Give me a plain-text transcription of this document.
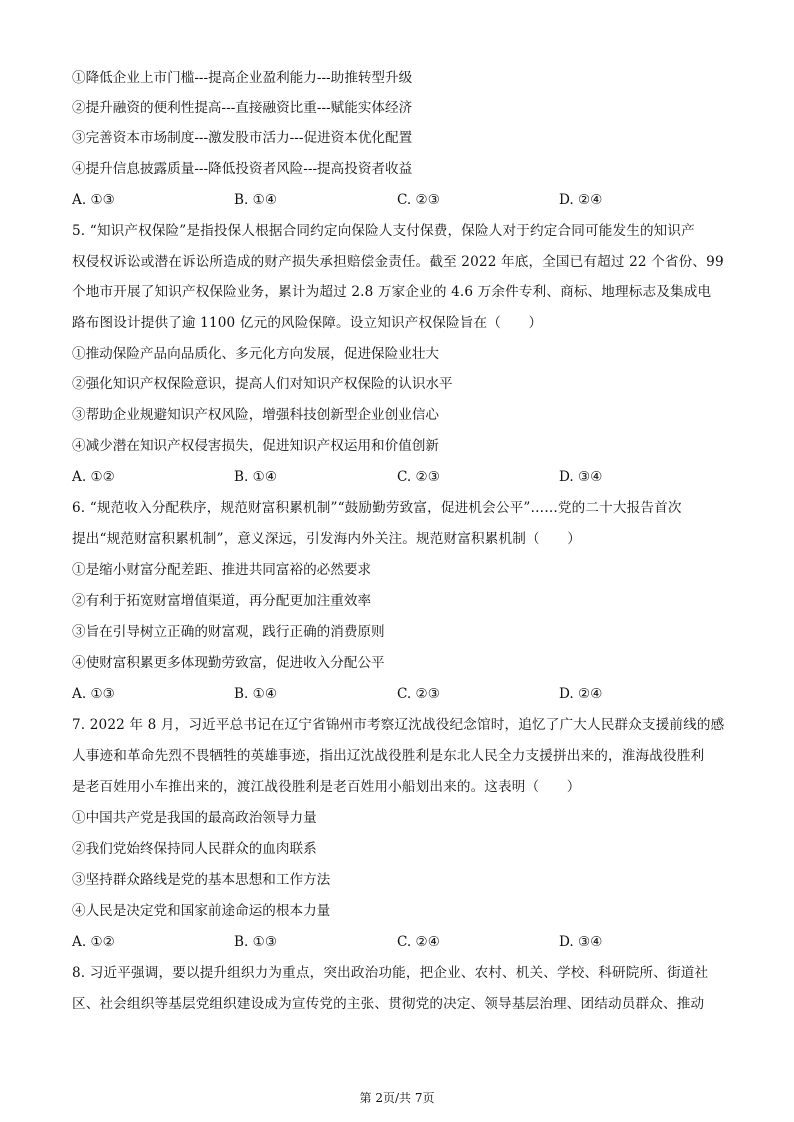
①降低企业上市门槛---提高企业盈利能力---助推转型升级
②提升融资的便利性提高---直接融资比重---赋能实体经济
③完善资本市场制度---激发股市活力---促进资本优化配置
④提升信息披露质量---降低投资者风险---提高投资者收益
A. ①③	B. ①④	C. ②③	D. ②④
5. “知识产权保险”是指投保人根据合同约定向保险人支付保费，保险人对于约定合同可能发生的知识产
权侵权诉讼或潜在诉讼所造成的财产损失承担赔偿金责任。截至 2022 年底，全国已有超过 22 个省份、99
个地市开展了知识产权保险业务，累计为超过 2.8 万家企业的 4.6 万余件专利、商标、地理标志及集成电
路布图设计提供了逾 1100 亿元的风险保障。设立知识产权保险旨在（　　）
①推动保险产品向品质化、多元化方向发展，促进保险业壮大
②强化知识产权保险意识，提高人们对知识产权保险的认识水平
③帮助企业规避知识产权风险，增强科技创新型企业创业信心
④减少潜在知识产权侵害损失，促进知识产权运用和价值创新
A. ①②	B. ①④	C. ②③	D. ③④
6. “规范收入分配秩序，规范财富积累机制”“鼓励勤劳致富，促进机会公平”……党的二十大报告首次
提出“规范财富积累机制”，意义深远，引发海内外关注。规范财富积累机制（　　）
①是缩小财富分配差距、推进共同富裕的必然要求
②有利于拓宽财富增值渠道，再分配更加注重效率
③旨在引导树立正确的财富观，践行正确的消费原则
④使财富积累更多体现勤劳致富，促进收入分配公平
A. ①③	B. ①④	C. ②③	D. ②④
7. 2022 年 8 月，习近平总书记在辽宁省锦州市考察辽沈战役纪念馆时，追忆了广大人民群众支援前线的感
人事迹和革命先烈不畏牺牲的英雄事迹，指出辽沈战役胜利是东北人民全力支援拼出来的，淮海战役胜利
是老百姓用小车推出来的，渡江战役胜利是老百姓用小船划出来的。这表明（　　）
①中国共产党是我国的最高政治领导力量
②我们党始终保持同人民群众的血肉联系
③坚持群众路线是党的基本思想和工作方法
④人民是决定党和国家前途命运的根本力量
A. ①②	B. ①③	C. ②④	D. ③④
8. 习近平强调，要以提升组织力为重点，突出政治功能，把企业、农村、机关、学校、科研院所、街道社
区、社会组织等基层党组织建设成为宣传党的主张、贯彻党的决定、领导基层治理、团结动员群众、推动
第 2页/共 7页
